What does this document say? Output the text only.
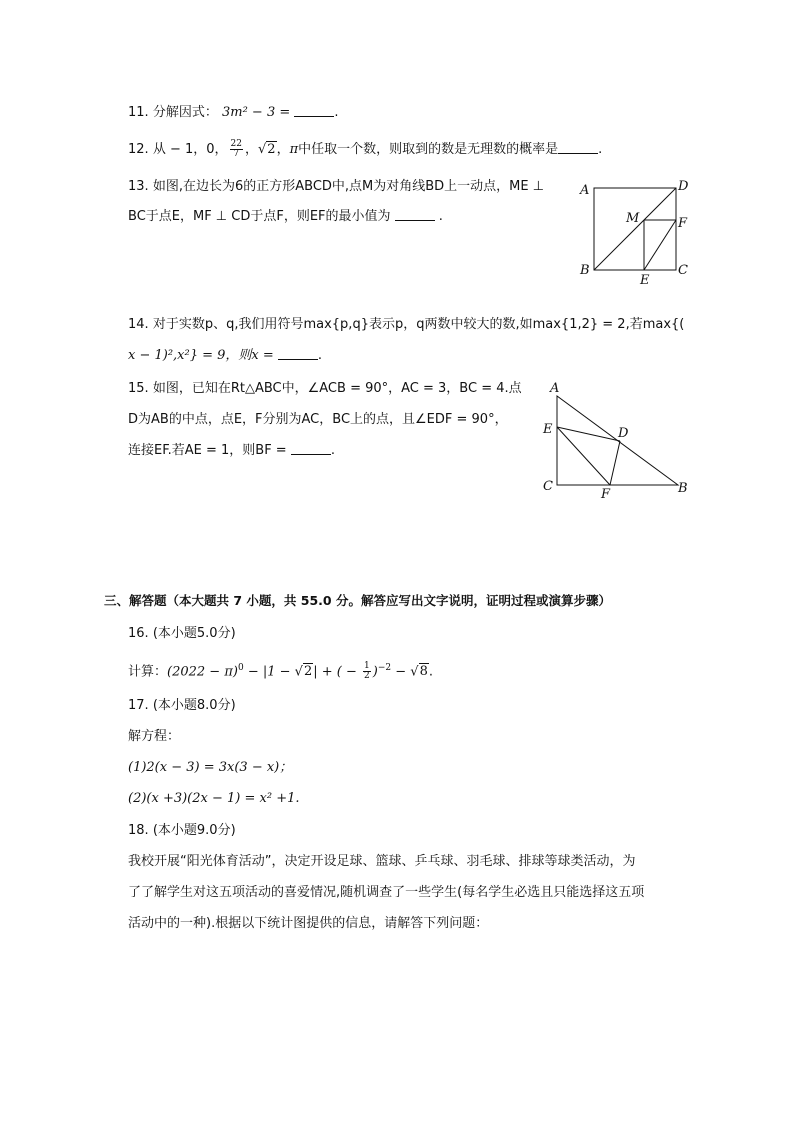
11. 分解因式： 3m² − 3 =	.
12. 从 − 1，0， $\frac{22}{7}$ ，√2，π中任取一个数，则取到的数是无理数的概率是	.
13. 如图,在边长为6的正方形ABCD中,点M为对角线BD上一动点，ME ⊥
BC于点E，MF ⊥ CD于点F，则EF的最小值为	.
A	D
M	F
B	C
E
14. 对于实数p、q,我们用符号max{p,q}表示p，q两数中较大的数,如max{1,2} = 2,若max{(
x − 1)²,x²} = 9，则x =	.
15. 如图，已知在Rt△ABC中，∠ACB = 90°，AC = 3，BC = 4.点
D为AB的中点，点E，F分别为AC，BC上的点，且∠EDF = 90°，
连接EF.若AE = 1，则BF =	.
A
E	D
C
F	B
三、解答题（本大题共 7 小题，共 55.0 分。解答应写出文字说明，证明过程或演算步骤）
16. (本小题5.0分)
计算：$(2022 - \pi)^0 - |1 - √2|$ + ( − $\frac{1}{2} )^{-2} - √8$.
17. (本小题8.0分)
解方程：
(1)2(x − 3) = 3x(3 − x)；
(2)(x +3)(2x − 1) = x² +1.
18. (本小题9.0分)
我校开展“阳光体育活动”，决定开设足球、篮球、乒乓球、羽毛球、排球等球类活动，为
了了解学生对这五项活动的喜爱情况,随机调查了一些学生(每名学生必选且只能选择这五项
活动中的一种).根据以下统计图提供的信息，请解答下列问题：
